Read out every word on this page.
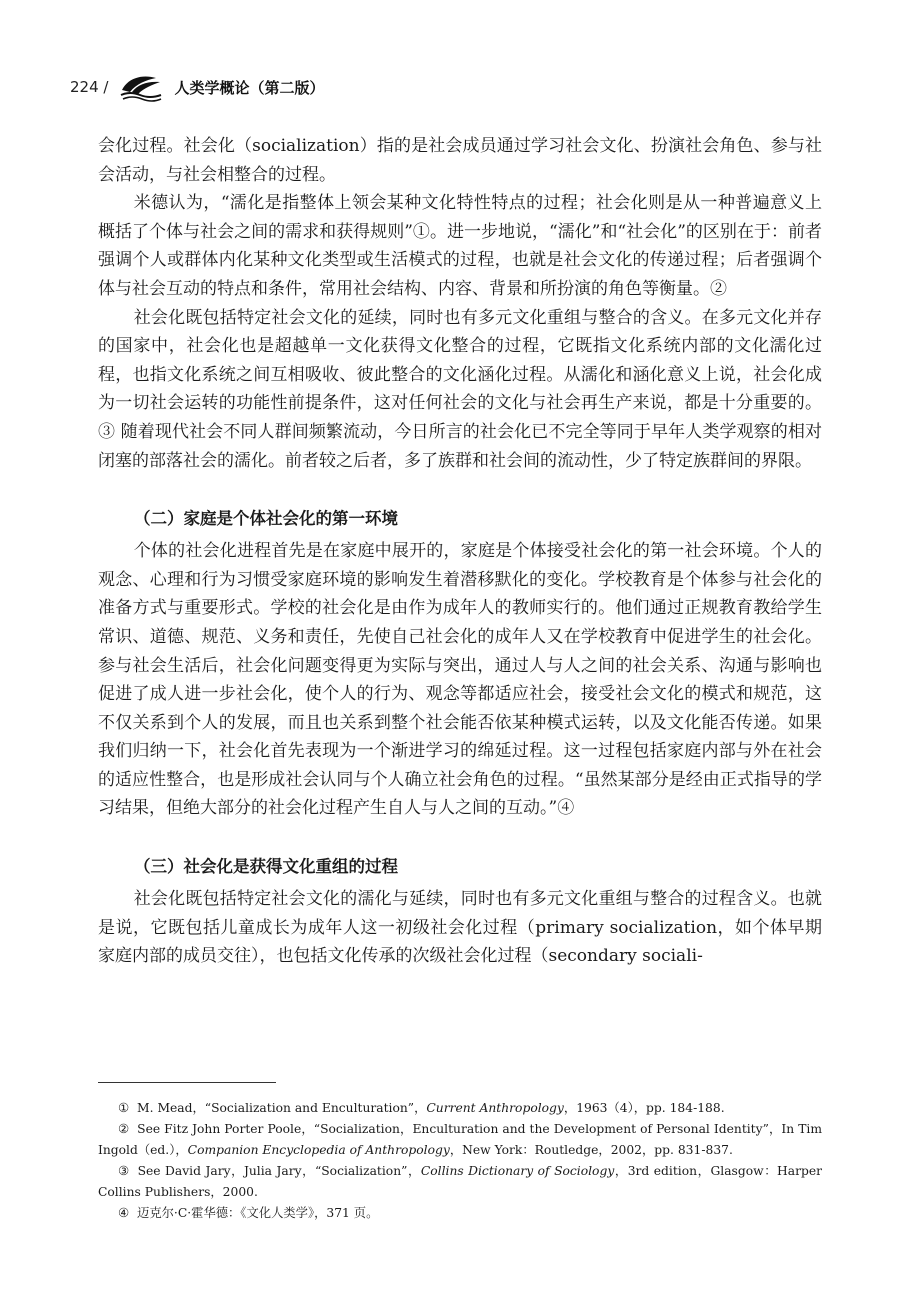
224 /	人类学概论（第二版）

会化过程。社会化（socialization）指的是社会成员通过学习社会文化、扮演社会角色、参与社会活动，与社会相整合的过程。

米德认为，“濡化是指整体上领会某种文化特性特点的过程；社会化则是从一种普遍意义上概括了个体与社会之间的需求和获得规则”①。进一步地说，“濡化”和“社会化”的区别在于：前者强调个人或群体内化某种文化类型或生活模式的过程，也就是社会文化的传递过程；后者强调个体与社会互动的特点和条件，常用社会结构、内容、背景和所扮演的角色等衡量。②

社会化既包括特定社会文化的延续，同时也有多元文化重组与整合的含义。在多元文化并存的国家中，社会化也是超越单一文化获得文化整合的过程，它既指文化系统内部的文化濡化过程，也指文化系统之间互相吸收、彼此整合的文化涵化过程。从濡化和涵化意义上说，社会化成为一切社会运转的功能性前提条件，这对任何社会的文化与社会再生产来说，都是十分重要的。③ 随着现代社会不同人群间频繁流动，今日所言的社会化已不完全等同于早年人类学观察的相对闭塞的部落社会的濡化。前者较之后者，多了族群和社会间的流动性，少了特定族群间的界限。

（二）家庭是个体社会化的第一环境

个体的社会化进程首先是在家庭中展开的，家庭是个体接受社会化的第一社会环境。个人的观念、心理和行为习惯受家庭环境的影响发生着潜移默化的变化。学校教育是个体参与社会化的准备方式与重要形式。学校的社会化是由作为成年人的教师实行的。他们通过正规教育教给学生常识、道德、规范、义务和责任，先使自己社会化的成年人又在学校教育中促进学生的社会化。参与社会生活后，社会化问题变得更为实际与突出，通过人与人之间的社会关系、沟通与影响也促进了成人进一步社会化，使个人的行为、观念等都适应社会，接受社会文化的模式和规范，这不仅关系到个人的发展，而且也关系到整个社会能否依某种模式运转，以及文化能否传递。如果我们归纳一下，社会化首先表现为一个渐进学习的绵延过程。这一过程包括家庭内部与外在社会的适应性整合，也是形成社会认同与个人确立社会角色的过程。“虽然某部分是经由正式指导的学习结果，但绝大部分的社会化过程产生自人与人之间的互动。”④

（三）社会化是获得文化重组的过程

社会化既包括特定社会文化的濡化与延续，同时也有多元文化重组与整合的过程含义。也就是说，它既包括儿童成长为成年人这一初级社会化过程（primary socialization，如个体早期家庭内部的成员交往），也包括文化传承的次级社会化过程（secondary sociali-

① M. Mead，“Socialization and Enculturation”，Current Anthropology，1963（4），pp. 184-188.

② See Fitz John Porter Poole，“Socialization，Enculturation and the Development of Personal Identity”，In Tim Ingold（ed.），Companion Encyclopedia of Anthropology，New York：Routledge，2002，pp. 831-837.

③ See David Jary，Julia Jary，“Socialization”，Collins Dictionary of Sociology，3rd edition，Glasgow：Harper Collins Publishers，2000.

④ 迈克尔·C·霍华德：《文化人类学》，371 页。
